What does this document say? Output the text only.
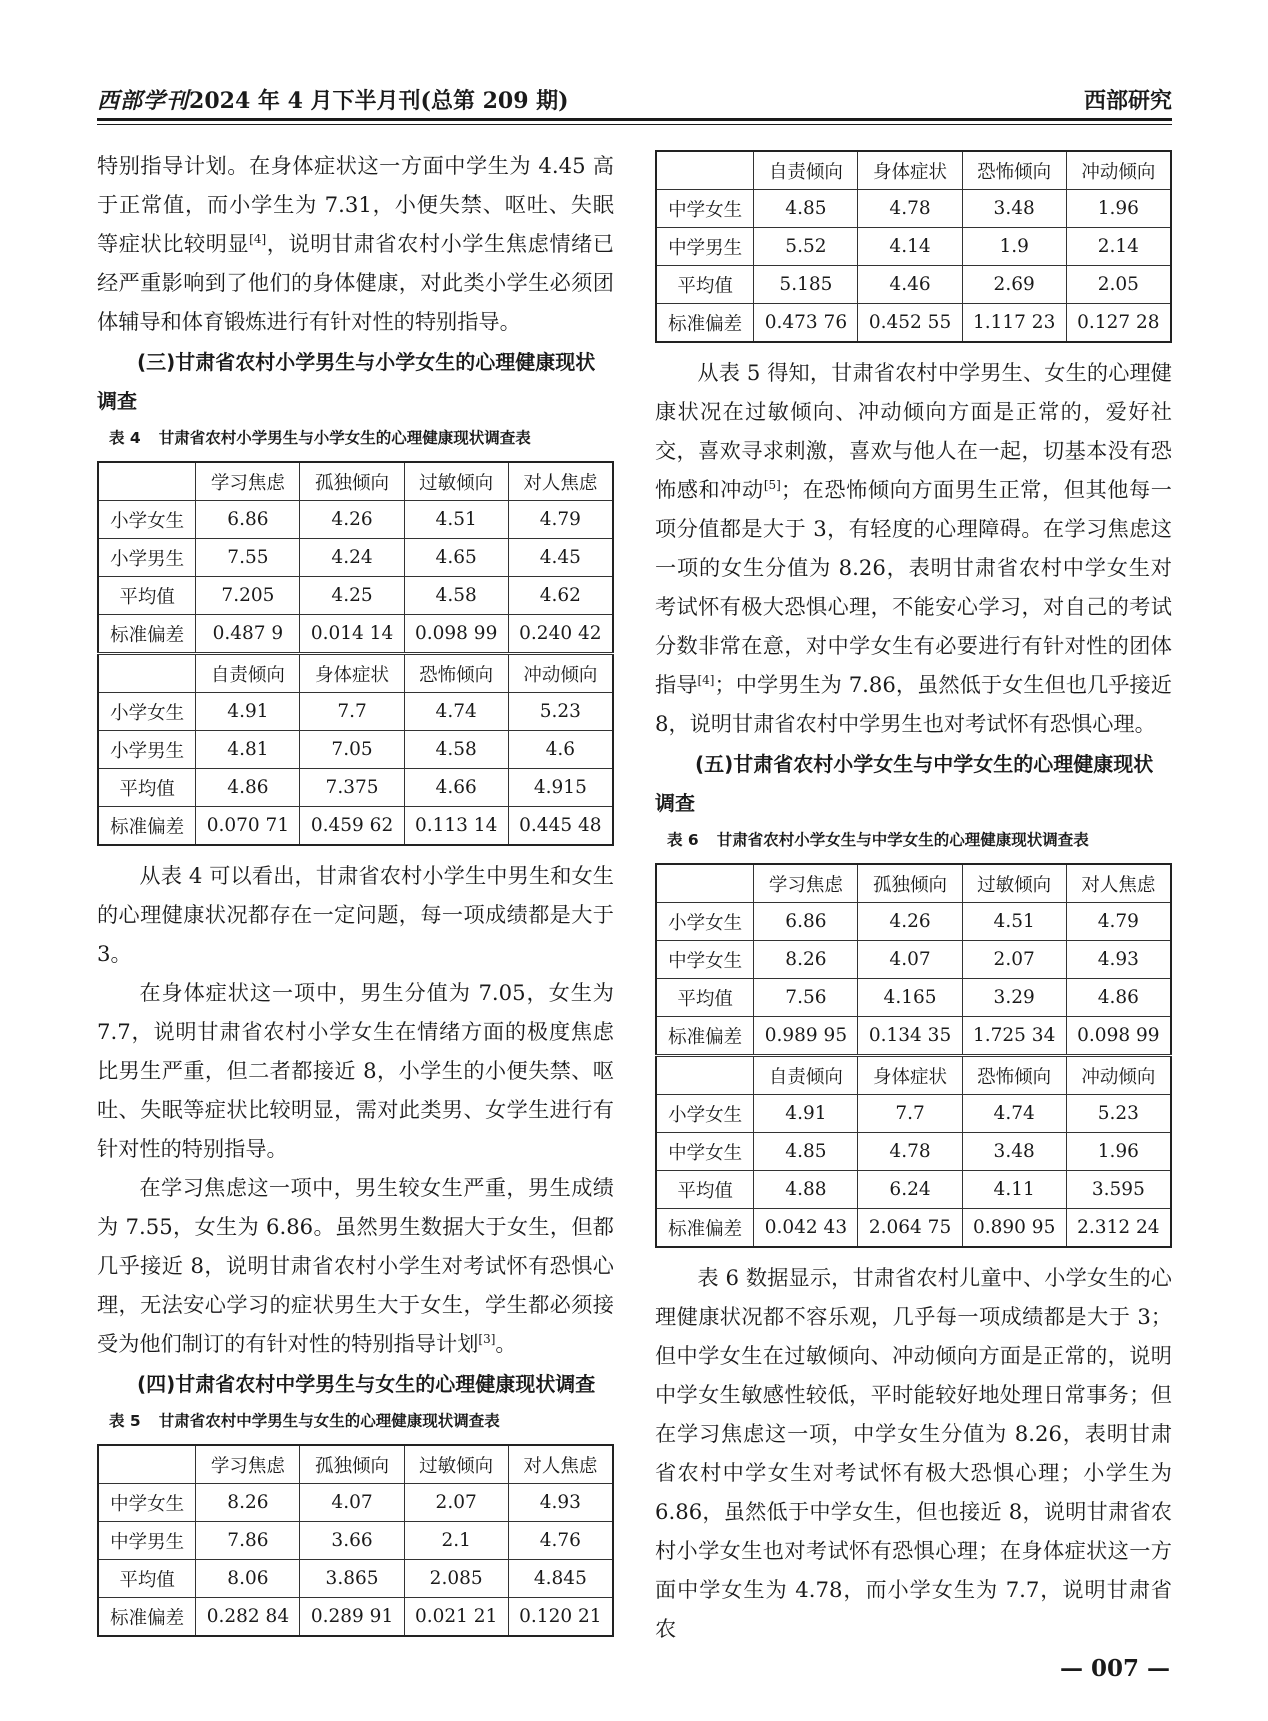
西部学刊2024 年 4 月下半月刊(总第 209 期)	西部研究

特别指导计划。在身体症状这一方面中学生为 4.45 高于正常值，而小学生为 7.31，小便失禁、呕吐、失眠等症状比较明显[4]，说明甘肃省农村小学生焦虑情绪已经严重影响到了他们的身体健康，对此类小学生必须团体辅导和体育锻炼进行有针对性的特别指导。

(三)甘肃省农村小学男生与小学女生的心理健康现状调查
表 4 甘肃省农村小学男生与小学女生的心理健康现状调查表
	学习焦虑	孤独倾向	过敏倾向	对人焦虑
小学女生	6.86	4.26	4.51	4.79
小学男生	7.55	4.24	4.65	4.45
平均值	7.205	4.25	4.58	4.62
标准偏差	0.487 9	0.014 14	0.098 99	0.240 42
	自责倾向	身体症状	恐怖倾向	冲动倾向
小学女生	4.91	7.7	4.74	5.23
小学男生	4.81	7.05	4.58	4.6
平均值	4.86	7.375	4.66	4.915
标准偏差	0.070 71	0.459 62	0.113 14	0.445 48

从表 4 可以看出，甘肃省农村小学生中男生和女生的心理健康状况都存在一定问题，每一项成绩都是大于 3。

在身体症状这一项中，男生分值为 7.05，女生为 7.7，说明甘肃省农村小学女生在情绪方面的极度焦虑比男生严重，但二者都接近 8，小学生的小便失禁、呕吐、失眠等症状比较明显，需对此类男、女学生进行有针对性的特别指导。

在学习焦虑这一项中，男生较女生严重，男生成绩为 7.55，女生为 6.86。虽然男生数据大于女生，但都几乎接近 8，说明甘肃省农村小学生对考试怀有恐惧心理，无法安心学习的症状男生大于女生，学生都必须接受为他们制订的有针对性的特别指导计划[3]。

(四)甘肃省农村中学男生与女生的心理健康现状调查
表 5 甘肃省农村中学男生与女生的心理健康现状调查表
	学习焦虑	孤独倾向	过敏倾向	对人焦虑
中学女生	8.26	4.07	2.07	4.93
中学男生	7.86	3.66	2.1	4.76
平均值	8.06	3.865	2.085	4.845
标准偏差	0.282 84	0.289 91	0.021 21	0.120 21
	自责倾向	身体症状	恐怖倾向	冲动倾向
中学女生	4.85	4.78	3.48	1.96
中学男生	5.52	4.14	1.9	2.14
平均值	5.185	4.46	2.69	2.05
标准偏差	0.473 76	0.452 55	1.117 23	0.127 28

从表 5 得知，甘肃省农村中学男生、女生的心理健康状况在过敏倾向、冲动倾向方面是正常的，爱好社交，喜欢寻求刺激，喜欢与他人在一起，切基本没有恐怖感和冲动[5]；在恐怖倾向方面男生正常，但其他每一项分值都是大于 3，有轻度的心理障碍。在学习焦虑这一项的女生分值为 8.26，表明甘肃省农村中学女生对考试怀有极大恐惧心理，不能安心学习，对自己的考试分数非常在意，对中学女生有必要进行有针对性的团体指导[4]；中学男生为 7.86，虽然低于女生但也几乎接近 8，说明甘肃省农村中学男生也对考试怀有恐惧心理。

(五)甘肃省农村小学女生与中学女生的心理健康现状调查
表 6 甘肃省农村小学女生与中学女生的心理健康现状调查表
	学习焦虑	孤独倾向	过敏倾向	对人焦虑
小学女生	6.86	4.26	4.51	4.79
中学女生	8.26	4.07	2.07	4.93
平均值	7.56	4.165	3.29	4.86
标准偏差	0.989 95	0.134 35	1.725 34	0.098 99
	自责倾向	身体症状	恐怖倾向	冲动倾向
小学女生	4.91	7.7	4.74	5.23
中学女生	4.85	4.78	3.48	1.96
平均值	4.88	6.24	4.11	3.595
标准偏差	0.042 43	2.064 75	0.890 95	2.312 24

表 6 数据显示，甘肃省农村儿童中、小学女生的心理健康状况都不容乐观，几乎每一项成绩都是大于 3；但中学女生在过敏倾向、冲动倾向方面是正常的，说明中学女生敏感性较低，平时能较好地处理日常事务；但在学习焦虑这一项，中学女生分值为 8.26，表明甘肃省农村中学女生对考试怀有极大恐惧心理；小学生为 6.86，虽然低于中学女生，但也接近 8，说明甘肃省农村小学女生也对考试怀有恐惧心理；在身体症状这一方面中学女生为 4.78，而小学女生为 7.7，说明甘肃省农

— 007 —
